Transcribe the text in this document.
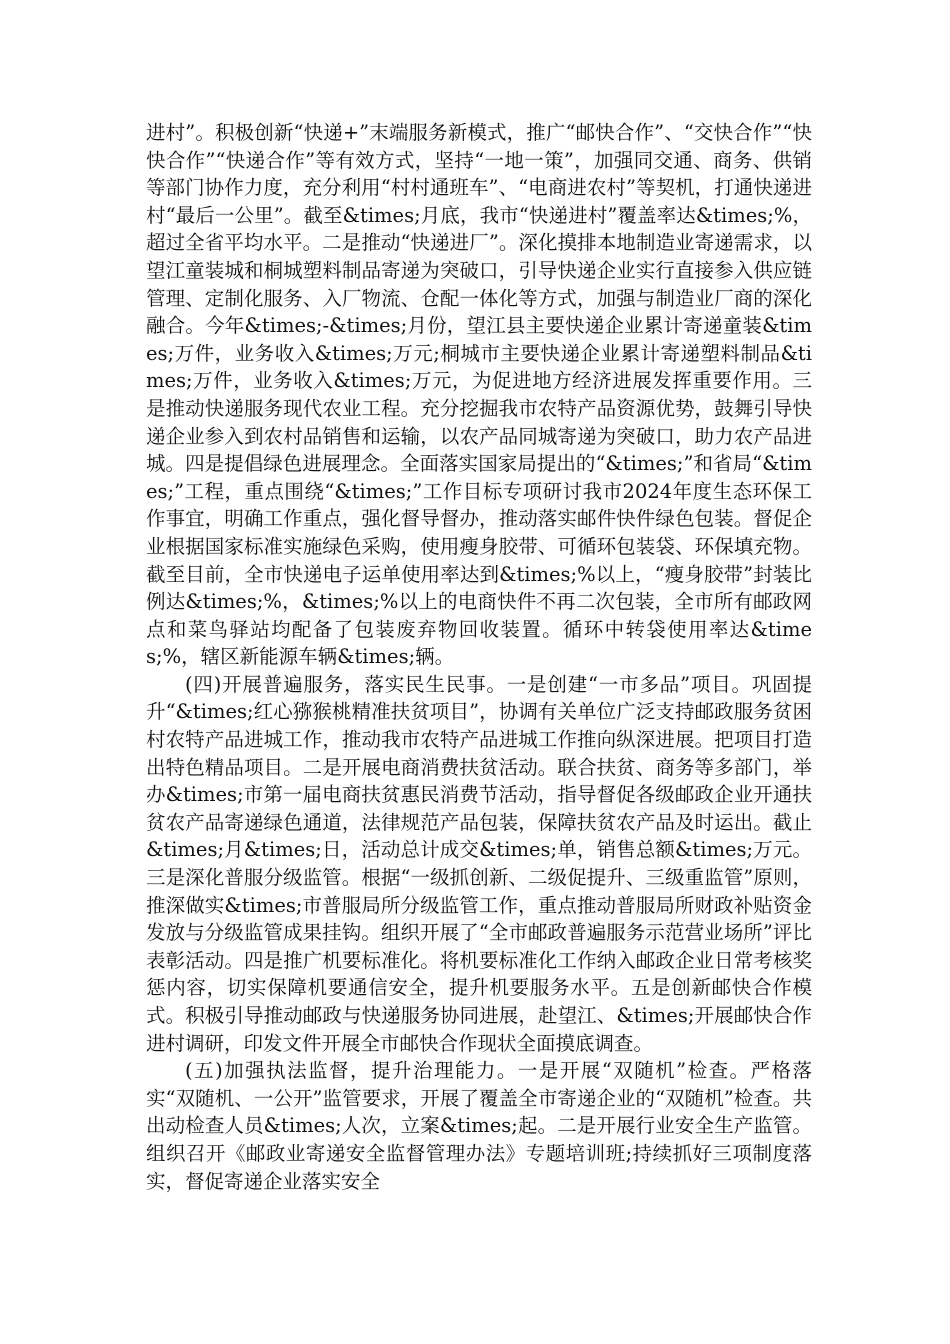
进村”。积极创新“快递+”末端服务新模式，推广“邮快合作”、“交快合作”“快快合作”“快递合作”等有效方式，坚持“一地一策”，加强同交通、商务、供销等部门协作力度，充分利用“村村通班车”、“电商进农村”等契机，打通快递进村“最后一公里”。截至&times;月底，我市“快递进村”覆盖率达&times;%，超过全省平均水平。二是推动“快递进厂”。深化摸排本地制造业寄递需求，以望江童装城和桐城塑料制品寄递为突破口，引导快递企业实行直接参入供应链管理、定制化服务、入厂物流、仓配一体化等方式，加强与制造业厂商的深化融合。今年&times;-&times;月份，望江县主要快递企业累计寄递童装&times;万件，业务收入&times;万元;桐城市主要快递企业累计寄递塑料制品&times;万件，业务收入&times;万元，为促进地方经济进展发挥重要作用。三是推动快递服务现代农业工程。充分挖掘我市农特产品资源优势，鼓舞引导快递企业参入到农村品销售和运输，以农产品同城寄递为突破口，助力农产品进城。四是提倡绿色进展理念。全面落实国家局提出的“&times;”和省局“&times;”工程，重点围绕“&times;”工作目标专项研讨我市2024年度生态环保工作事宜，明确工作重点，强化督导督办，推动落实邮件快件绿色包装。督促企业根据国家标准实施绿色采购，使用瘦身胶带、可循环包装袋、环保填充物。截至目前，全市快递电子运单使用率达到&times;%以上，“瘦身胶带”封装比例达&times;%，&times;%以上的电商快件不再二次包装，全市所有邮政网点和菜鸟驿站均配备了包装废弃物回收装置。循环中转袋使用率达&times;%，辖区新能源车辆&times;辆。

(四)开展普遍服务，落实民生民事。一是创建“一市多品”项目。巩固提升“&times;红心猕猴桃精准扶贫项目”，协调有关单位广泛支持邮政服务贫困村农特产品进城工作，推动我市农特产品进城工作推向纵深进展。把项目打造出特色精品项目。二是开展电商消费扶贫活动。联合扶贫、商务等多部门，举办&times;市第一届电商扶贫惠民消费节活动，指导督促各级邮政企业开通扶贫农产品寄递绿色通道，法律规范产品包装，保障扶贫农产品及时运出。截止&times;月&times;日，活动总计成交&times;单，销售总额&times;万元。三是深化普服分级监管。根据“一级抓创新、二级促提升、三级重监管”原则，推深做实&times;市普服局所分级监管工作，重点推动普服局所财政补贴资金发放与分级监管成果挂钩。组织开展了“全市邮政普遍服务示范营业场所”评比表彰活动。四是推广机要标准化。将机要标准化工作纳入邮政企业日常考核奖惩内容，切实保障机要通信安全，提升机要服务水平。五是创新邮快合作模式。积极引导推动邮政与快递服务协同进展，赴望江、&times;开展邮快合作进村调研，印发文件开展全市邮快合作现状全面摸底调查。

(五)加强执法监督，提升治理能力。一是开展“双随机”检查。严格落实“双随机、一公开”监管要求，开展了覆盖全市寄递企业的“双随机”检查。共出动检查人员&times;人次，立案&times;起。二是开展行业安全生产监管。组织召开《邮政业寄递安全监督管理办法》专题培训班;持续抓好三项制度落实，督促寄递企业落实安全
